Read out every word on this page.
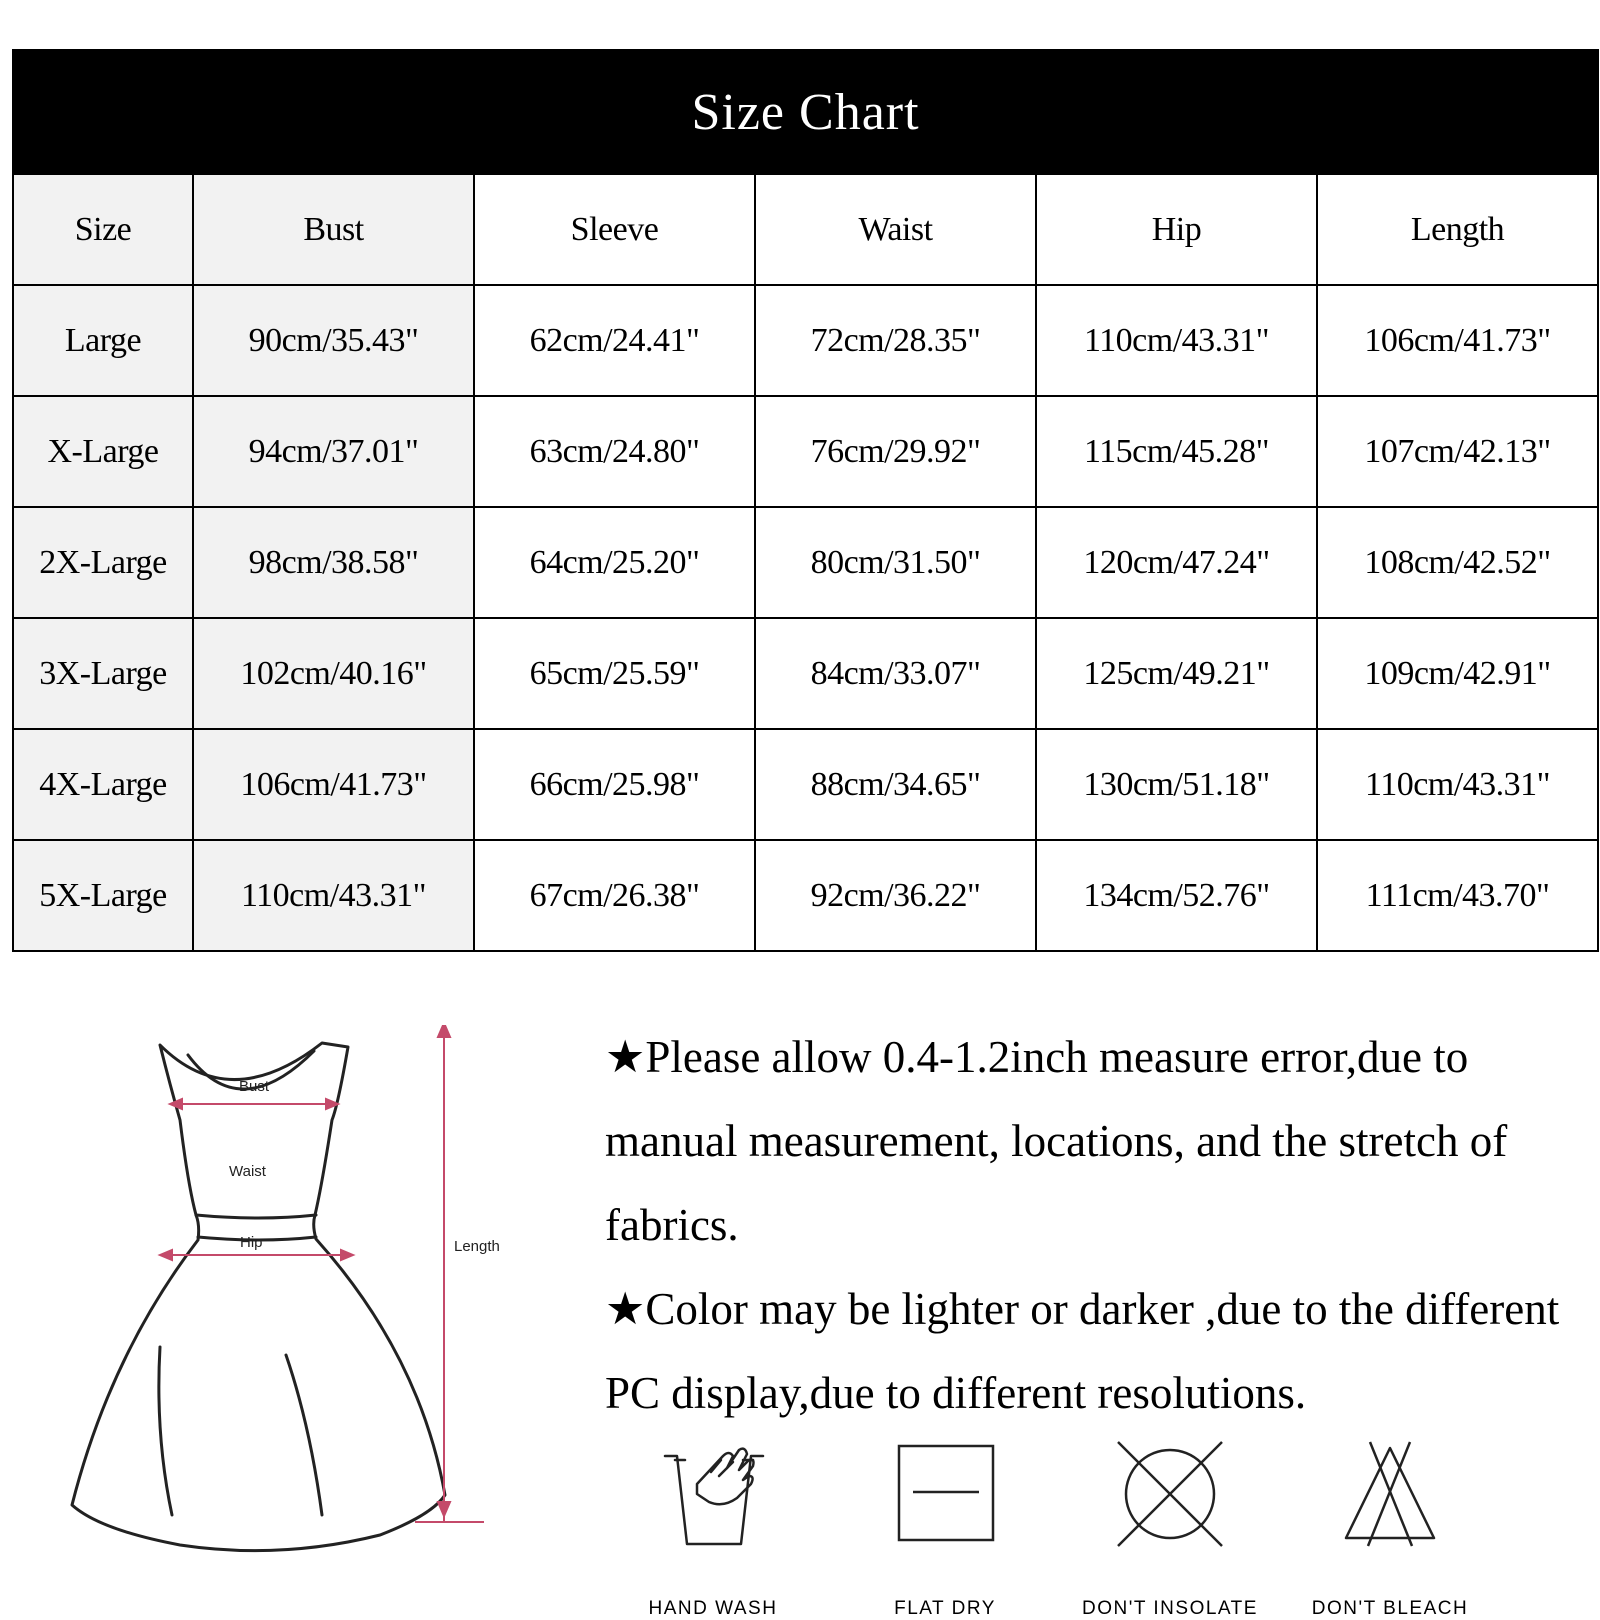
Size Chart					
Size	Bust	Sleeve	Waist	Hip	Length
Large	90cm/35.43"	62cm/24.41"	72cm/28.35"	110cm/43.31"	106cm/41.73"
X-Large	94cm/37.01"	63cm/24.80"	76cm/29.92"	115cm/45.28"	107cm/42.13"
2X-Large	98cm/38.58"	64cm/25.20"	80cm/31.50"	120cm/47.24"	108cm/42.52"
3X-Large	102cm/40.16"	65cm/25.59"	84cm/33.07"	125cm/49.21"	109cm/42.91"
4X-Large	106cm/41.73"	66cm/25.98"	88cm/34.65"	130cm/51.18"	110cm/43.31"
5X-Large	110cm/43.31"	67cm/26.38"	92cm/36.22"	134cm/52.76"	111cm/43.70"
Bust
Waist
Hip	Length

★Please allow 0.4-1.2inch measure error,due to manual measurement, locations, and the stretch of fabrics.

★Color may be lighter or darker ,due to the different PC display,due to different resolutions.

HAND WASH	FLAT DRY	DON'T INSOLATE	DON'T BLEACH
